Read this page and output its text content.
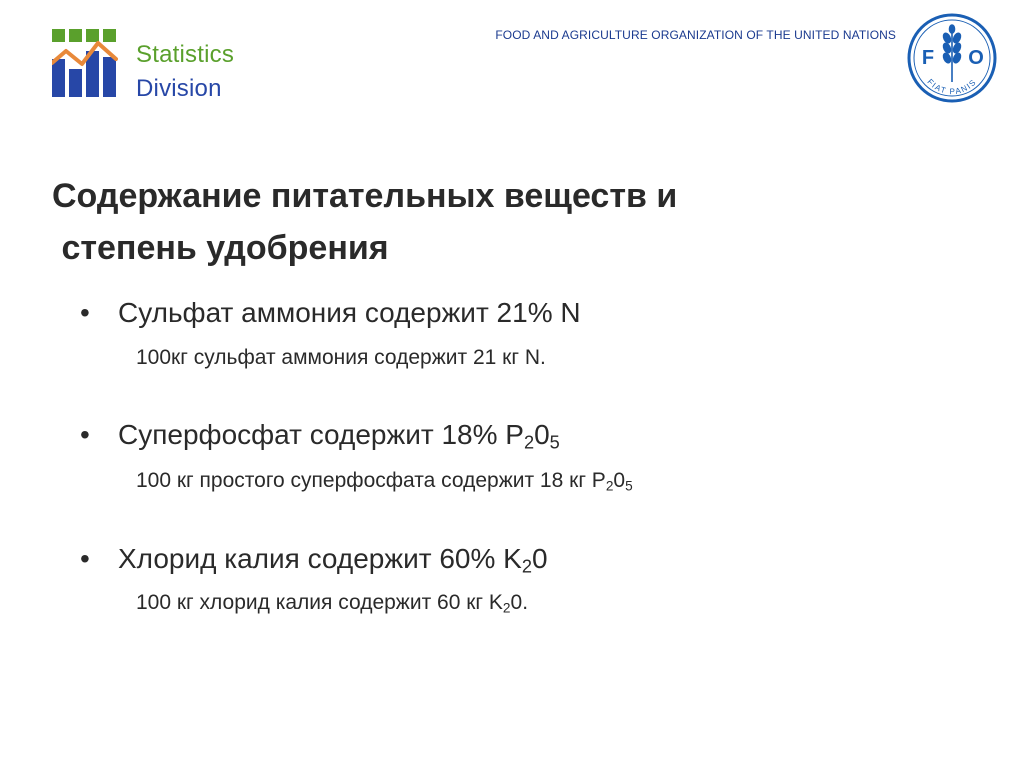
Statistics
Division
FOOD AND AGRICULTURE ORGANIZATION OF THE UNITED NATIONS
F O
FIAT PANIS
Содержание питательных веществ и
степень удобрения
• Сульфат аммония содержит 21% N
100кг сульфат аммония содержит 21 кг N.
• Суперфосфат содержит 18% $P_20_5$
100 кг простого суперфосфата содержит 18 кг $P_20_5$
• Хлорид калия содержит 60% $K_20$
100 кг хлорид калия содержит 60 кг $K_20$.
